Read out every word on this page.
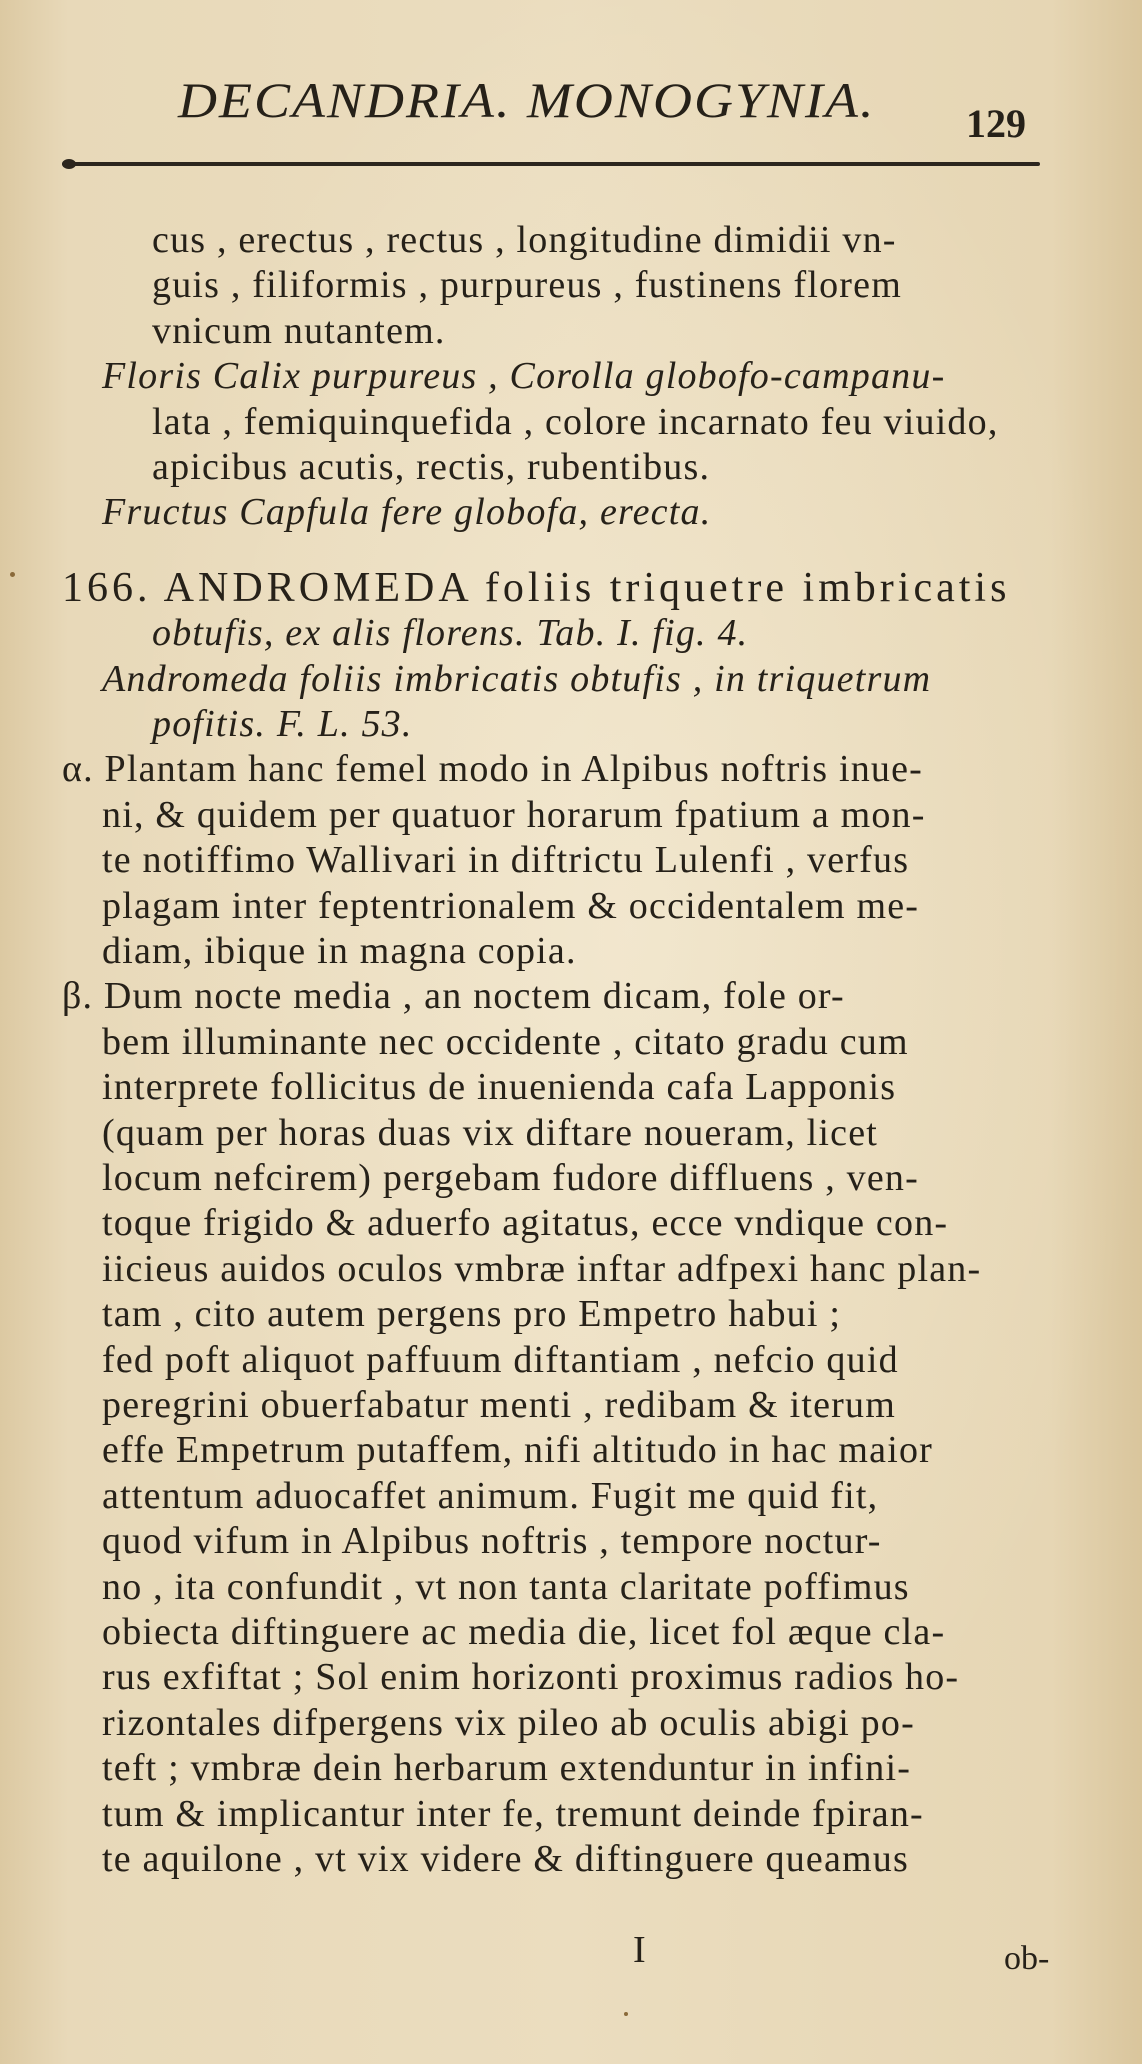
DECANDRIA. MONOGYNIA. 129
cus , erectus , rectus , longitudine dimidii vn-
guis , filiformis , purpureus , fustinens florem
vnicum nutantem.
Floris Calix purpureus , Corolla globofo-campanu-
lata , femiquinquefida , colore incarnato feu viuido,
apicibus acutis, rectis, rubentibus.
Fructus Capfula fere globofa, erecta.
166. ANDROMEDA foliis triquetre imbricatis
obtufis, ex alis florens. Tab. I. fig. 4.
Andromeda foliis imbricatis obtufis , in triquetrum
pofitis. F. L. 53.
α. Plantam hanc femel modo in Alpibus noftris inue-
ni, & quidem per quatuor horarum fpatium a mon-
te notiffimo Wallivari in diftrictu Lulenfi , verfus
plagam inter feptentrionalem & occidentalem me-
diam, ibique in magna copia.
β. Dum nocte media , an noctem dicam, fole or-
bem illuminante nec occidente , citato gradu cum
interprete follicitus de inuenienda cafa Lapponis
(quam per horas duas vix diftare noueram, licet
locum nefcirem) pergebam fudore diffluens , ven-
toque frigido & aduerfo agitatus, ecce vndique con-
iicieus auidos oculos vmbræ inftar adfpexi hanc plan-
tam , cito autem pergens pro Empetro habui ;
fed poft aliquot paffuum diftantiam , nefcio quid
peregrini obuerfabatur menti , redibam & iterum
effe Empetrum putaffem, nifi altitudo in hac maior
attentum aduocaffet animum. Fugit me quid fit,
quod vifum in Alpibus noftris , tempore noctur-
no , ita confundit , vt non tanta claritate poffimus
obiecta diftinguere ac media die, licet fol æque cla-
rus exfiftat ; Sol enim horizonti proximus radios ho-
rizontales difpergens vix pileo ab oculis abigi po-
teft ; vmbræ dein herbarum extenduntur in infini-
tum & implicantur inter fe, tremunt deinde fpiran-
te aquilone , vt vix videre & diftinguere queamus
I	ob-
